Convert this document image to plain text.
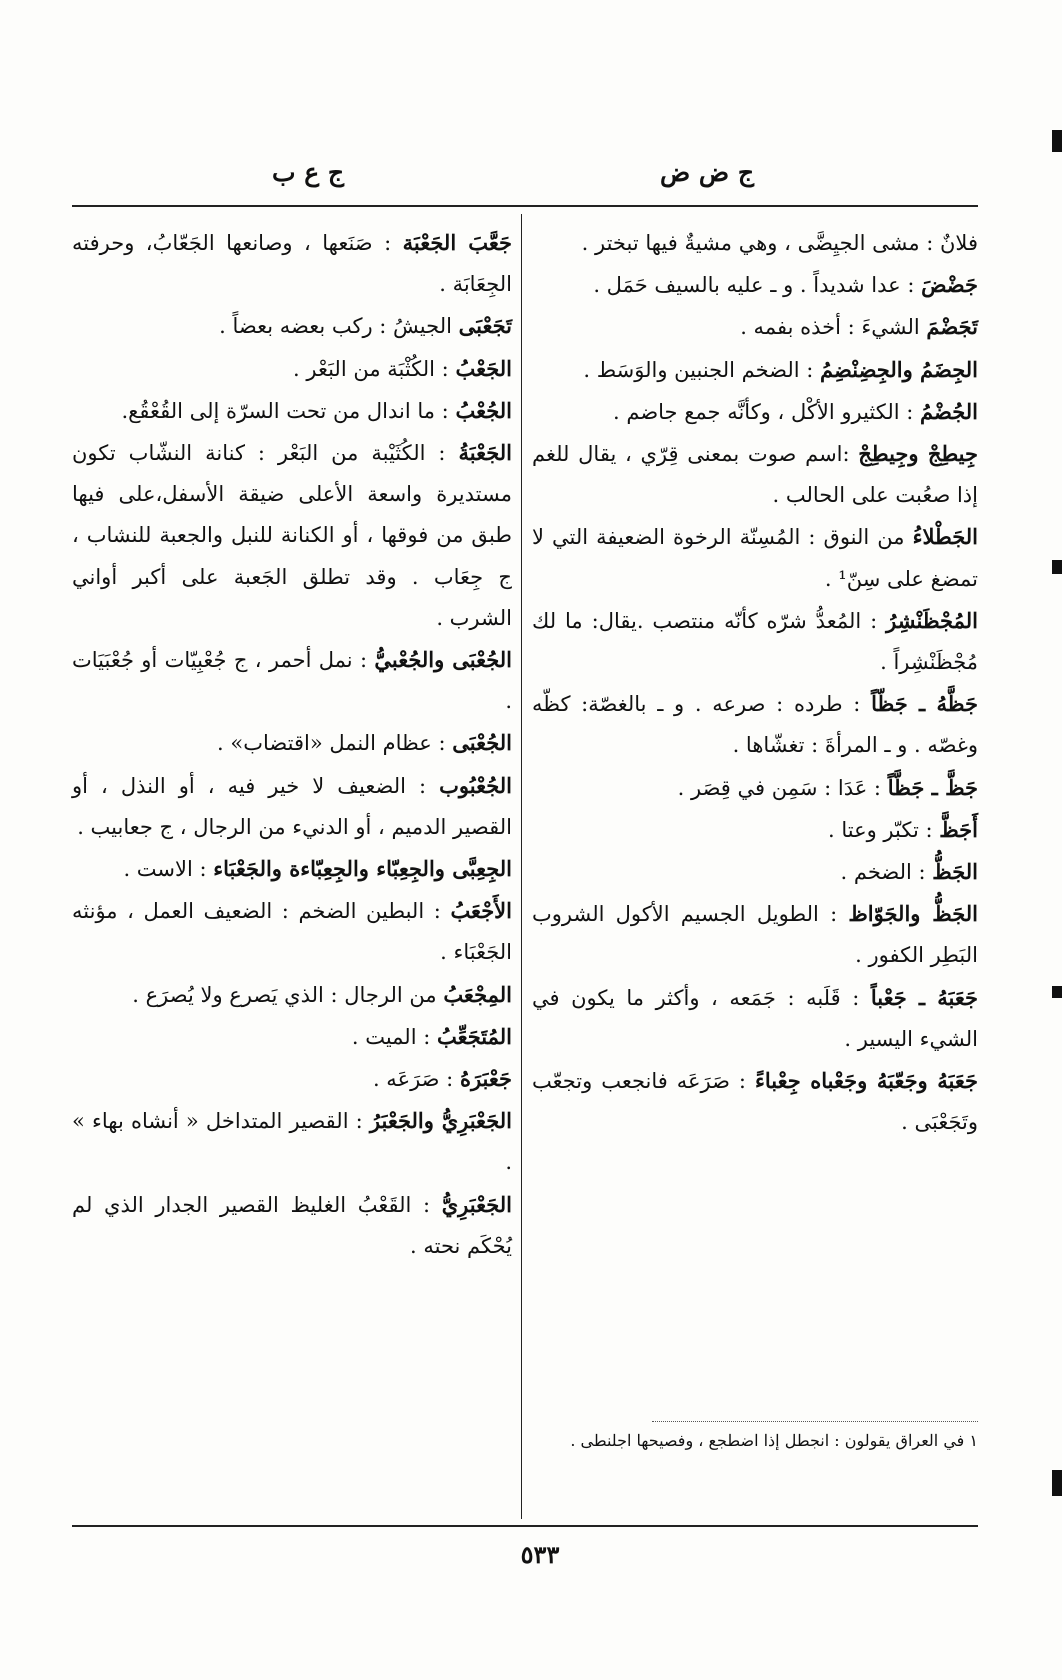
ج ض ض
ج ع ب

فلانٌ : مشى الجيِضَّى ، وهي مشيةٌ فيها تبختر .

جَضْضَ : عدا شديداً . و ـ عليه بالسيف حَمَل .

تَجَضْمَ الشيءَ : أخذه بفمه .

الجِضَمُ والجِضِنْضِمُ : الضخم الجنبين والوَسَط .

الجُضْمُ : الكثيرو الأكْل ، وكأنَّه جمع جاضم .

جِيطِجْ وجِيطِجْ :اسم صوت بمعنى قِرّي ، يقال للغم إذا صعُبت على الحالب .

الجَطْلاءُ من النوق : المُسِنّة الرخوة الضعيفة التي لا تمضغ على سِنّ¹ .

المُجْظَنْشِرُ : المُعدُّ شرّه كأنّه منتصب .يقال: ما لك مُجْظَنْشِراً .

جَظَّهُ ـ جَظّاً : طرده : صرعه . و ـ بالغصّة: كظّه وغصّه . و ـ المرأةَ : تغشّاها .

جَظَّ ـ جَظَّاً : عَدَا : سَمِن في قِصَر .

أَجَظَّ : تكبّر وعتا .

الجَظُّ : الضخم .

الجَظُّ والجَوّاظ : الطويل الجسيم الأكول الشروب البَطِر الكفور .

جَعَبَهُ ـ جَعْباً : قَلَبه : جَمَعه ، وأكثر ما يكون في الشيء اليسير .

جَعَبَهُ وجَعّبَهُ وجَعْباه جِعْباءً : صَرَعَه فانجعب وتجعّب وتَجَعْبَى .

١ في العراق يقولون : انجطل إذا اضطجع ، وفصيحها اجلنطى .

جَعَّبَ الجَعْبَة : صَنَعها ، وصانعها الجَعّابُ، وحرفته الجِعَابَة .

تَجَعْبَى الجيشُ : ركب بعضه بعضاً .

الجَعْبُ : الكُثْبَة من البَعْر .

الجُعْبُ : ما اندال من تحت السرّة إلى القُعْقُع.

الجَعْبَةُ : الكُثَيْبة من البَعْر : كنانة النشّاب تكون مستديرة واسعة الأعلى ضيقة الأسفل،على فيها طبق من فوقها ، أو الكنانة للنبل والجعبة للنشاب ، ج جِعَاب . وقد تطلق الجَعبة على أكبر أواني الشرب .

الجُعْبَى والجُعْبيُّ : نمل أحمر ، ج جُعْبِيّات أو جُعْبَيَات .

الجُعْبَى : عظام النمل «اقتضاب» .

الجُعْبُوب : الضعيف لا خير فيه ، أو النذل ، أو القصير الدميم ، أو الدنيء من الرجال ، ج جعابيب .

الجِعِبَّى والجِعِبّاء والجِعِبّاءة والجَعْبَاء : الاست .

الأَجْعَبُ : البطين الضخم : الضعيف العمل ، مؤنثه الجَعْبَاء .

المِجْعَبُ من الرجال : الذي يَصرع ولا يُصرَع .

المُتَجَعِّبُ : الميت .

جَعْبَرَهُ : صَرَعَه .

الجَعْبَرِيُّ والجَعْبَرُ : القصير المتداخل « أنشاه بهاء » .

الجَعْبَرِيُّ : القَعْبُ الغليظ القصير الجدار الذي لم يُحْكَم نحته .

٥٣٣
